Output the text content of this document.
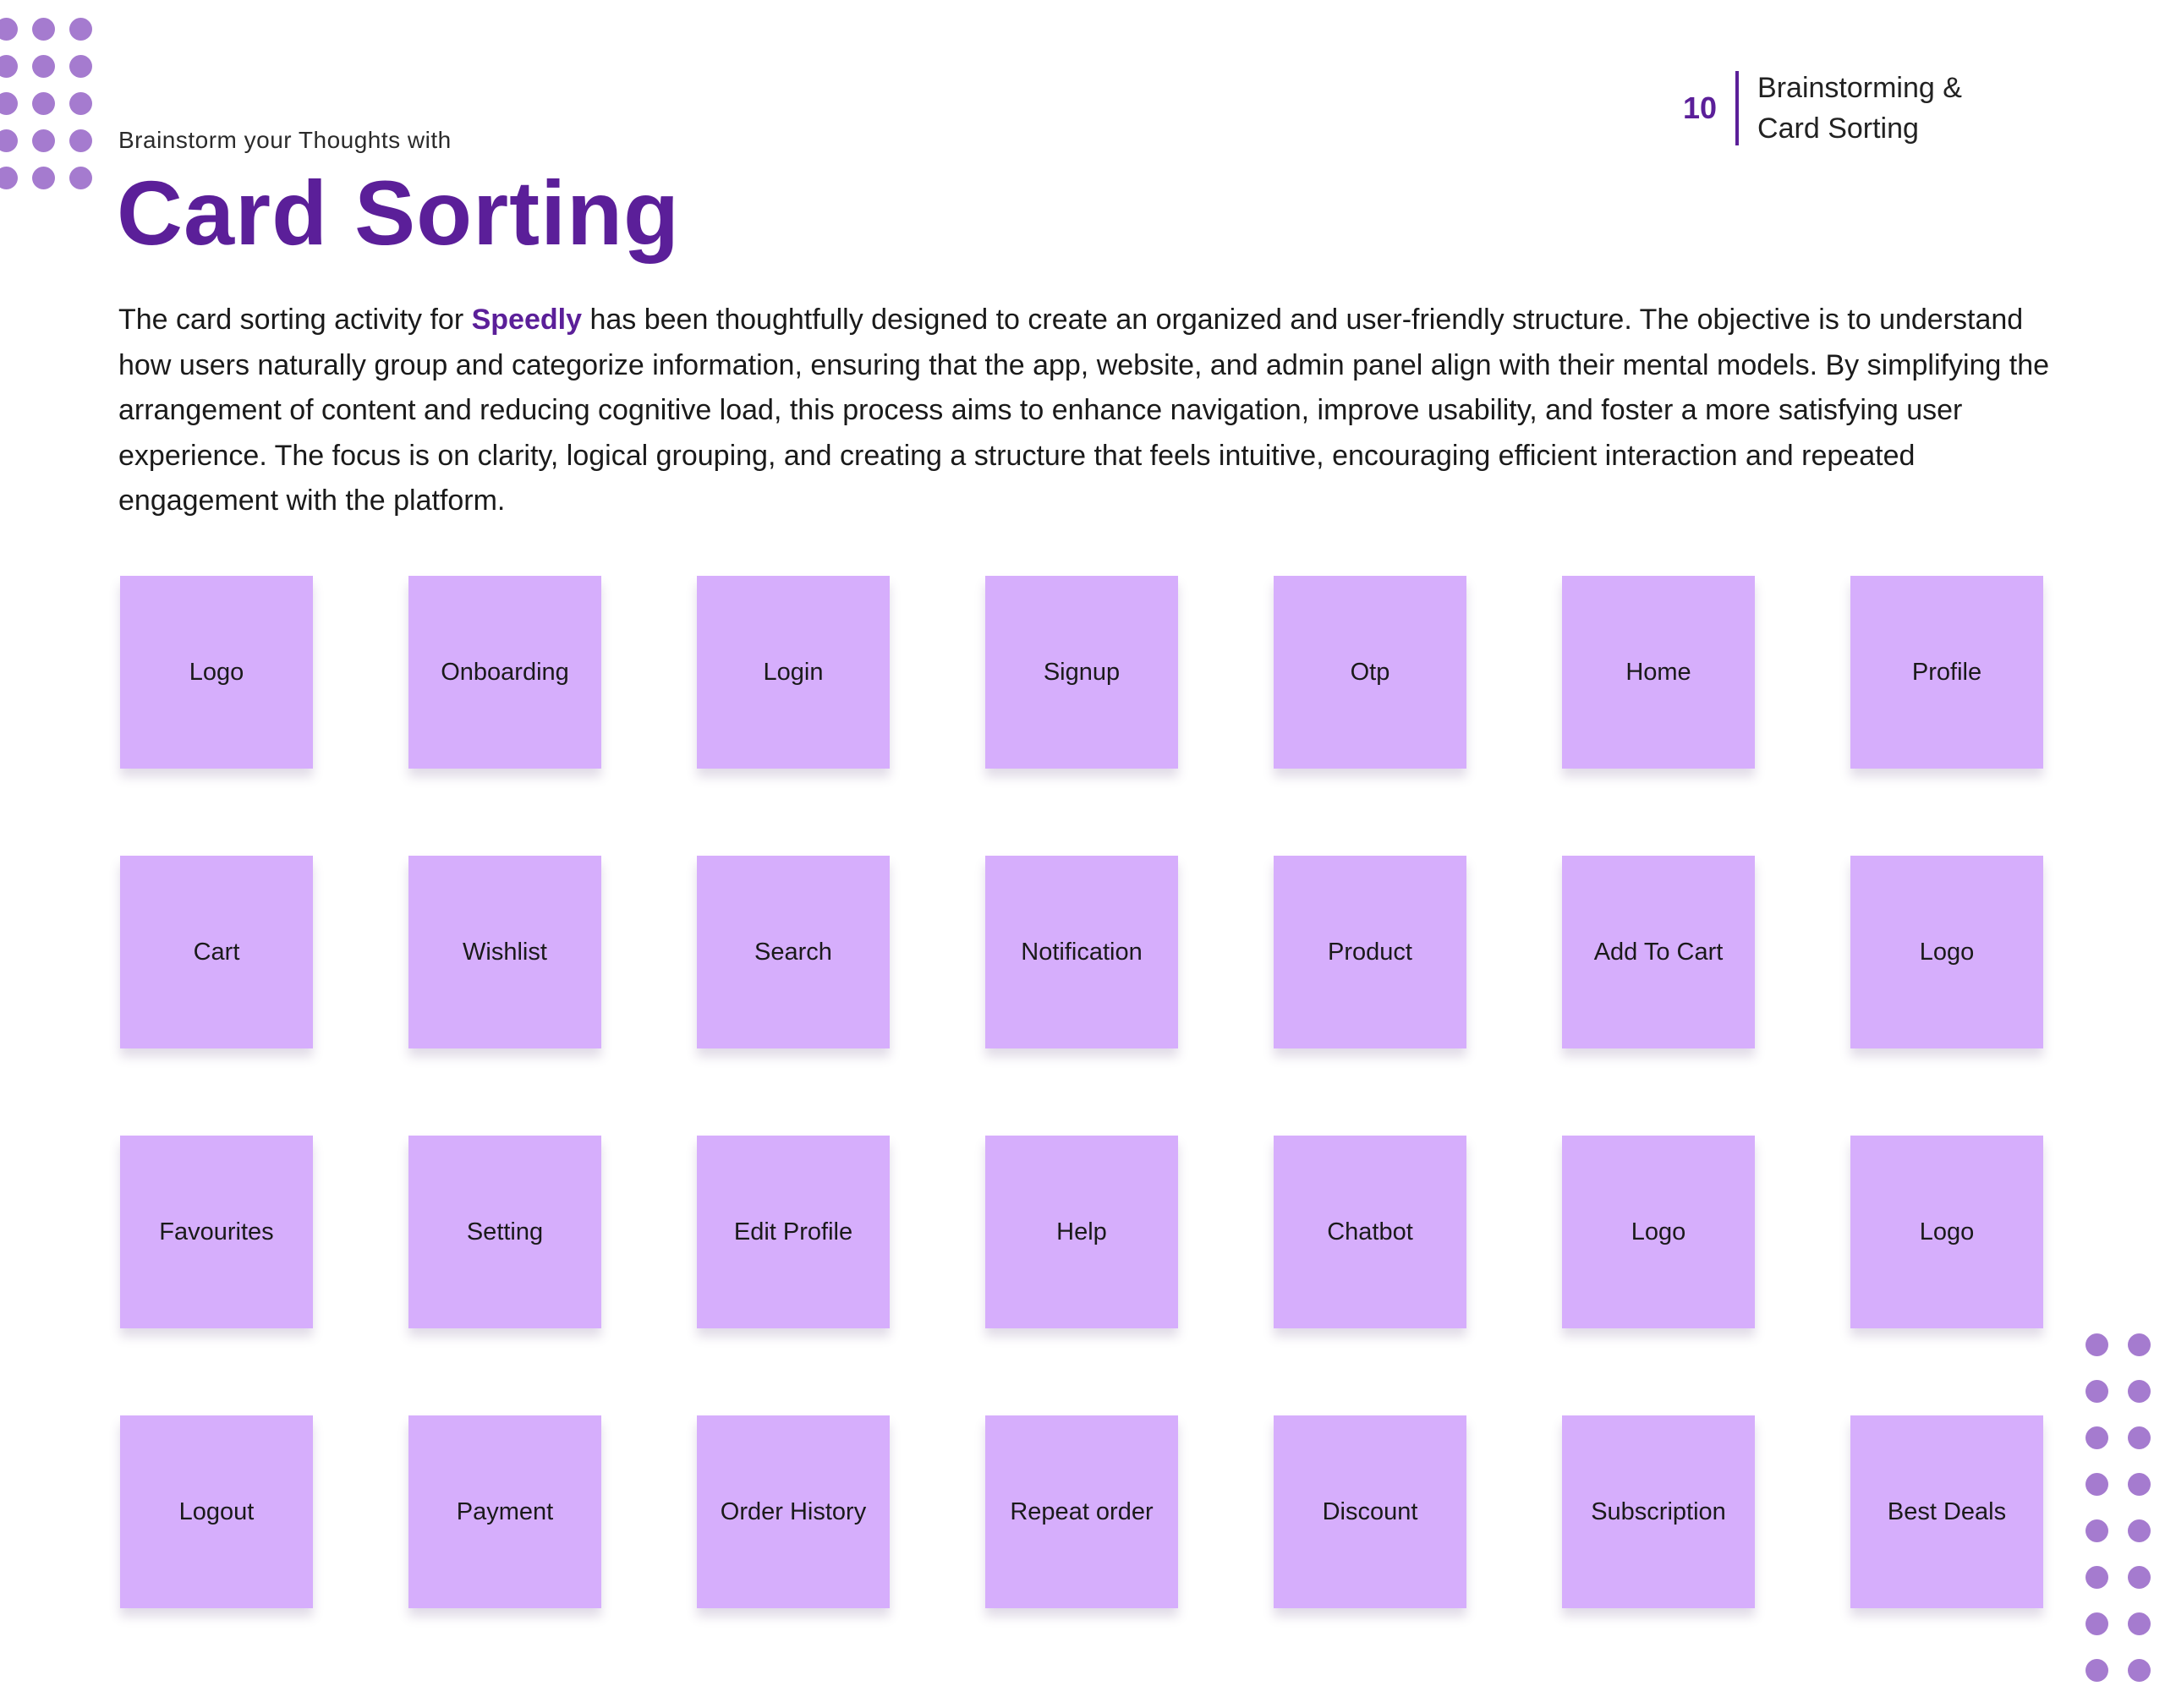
Brainstorm your Thoughts with
Card Sorting
10
Brainstorming &
Card Sorting

The card sorting activity for Speedly has been thoughtfully designed to create an organized and user-friendly structure. The objective is to understand how users naturally group and categorize information, ensuring that the app, website, and admin panel align with their mental models. By simplifying the arrangement of content and reducing cognitive load, this process aims to enhance navigation, improve usability, and foster a more satisfying user experience. The focus is on clarity, logical grouping, and creating a structure that feels intuitive, encouraging efficient interaction and repeated engagement with the platform.

Logo	Onboarding	Login	Signup	Otp	Home	Profile
Cart	Wishlist	Search	Notification	Product	Add To Cart	Logo
Favourites	Setting	Edit Profile	Help	Chatbot	Logo	Logo
Logout	Payment	Order History	Repeat order	Discount	Subscription	Best Deals
